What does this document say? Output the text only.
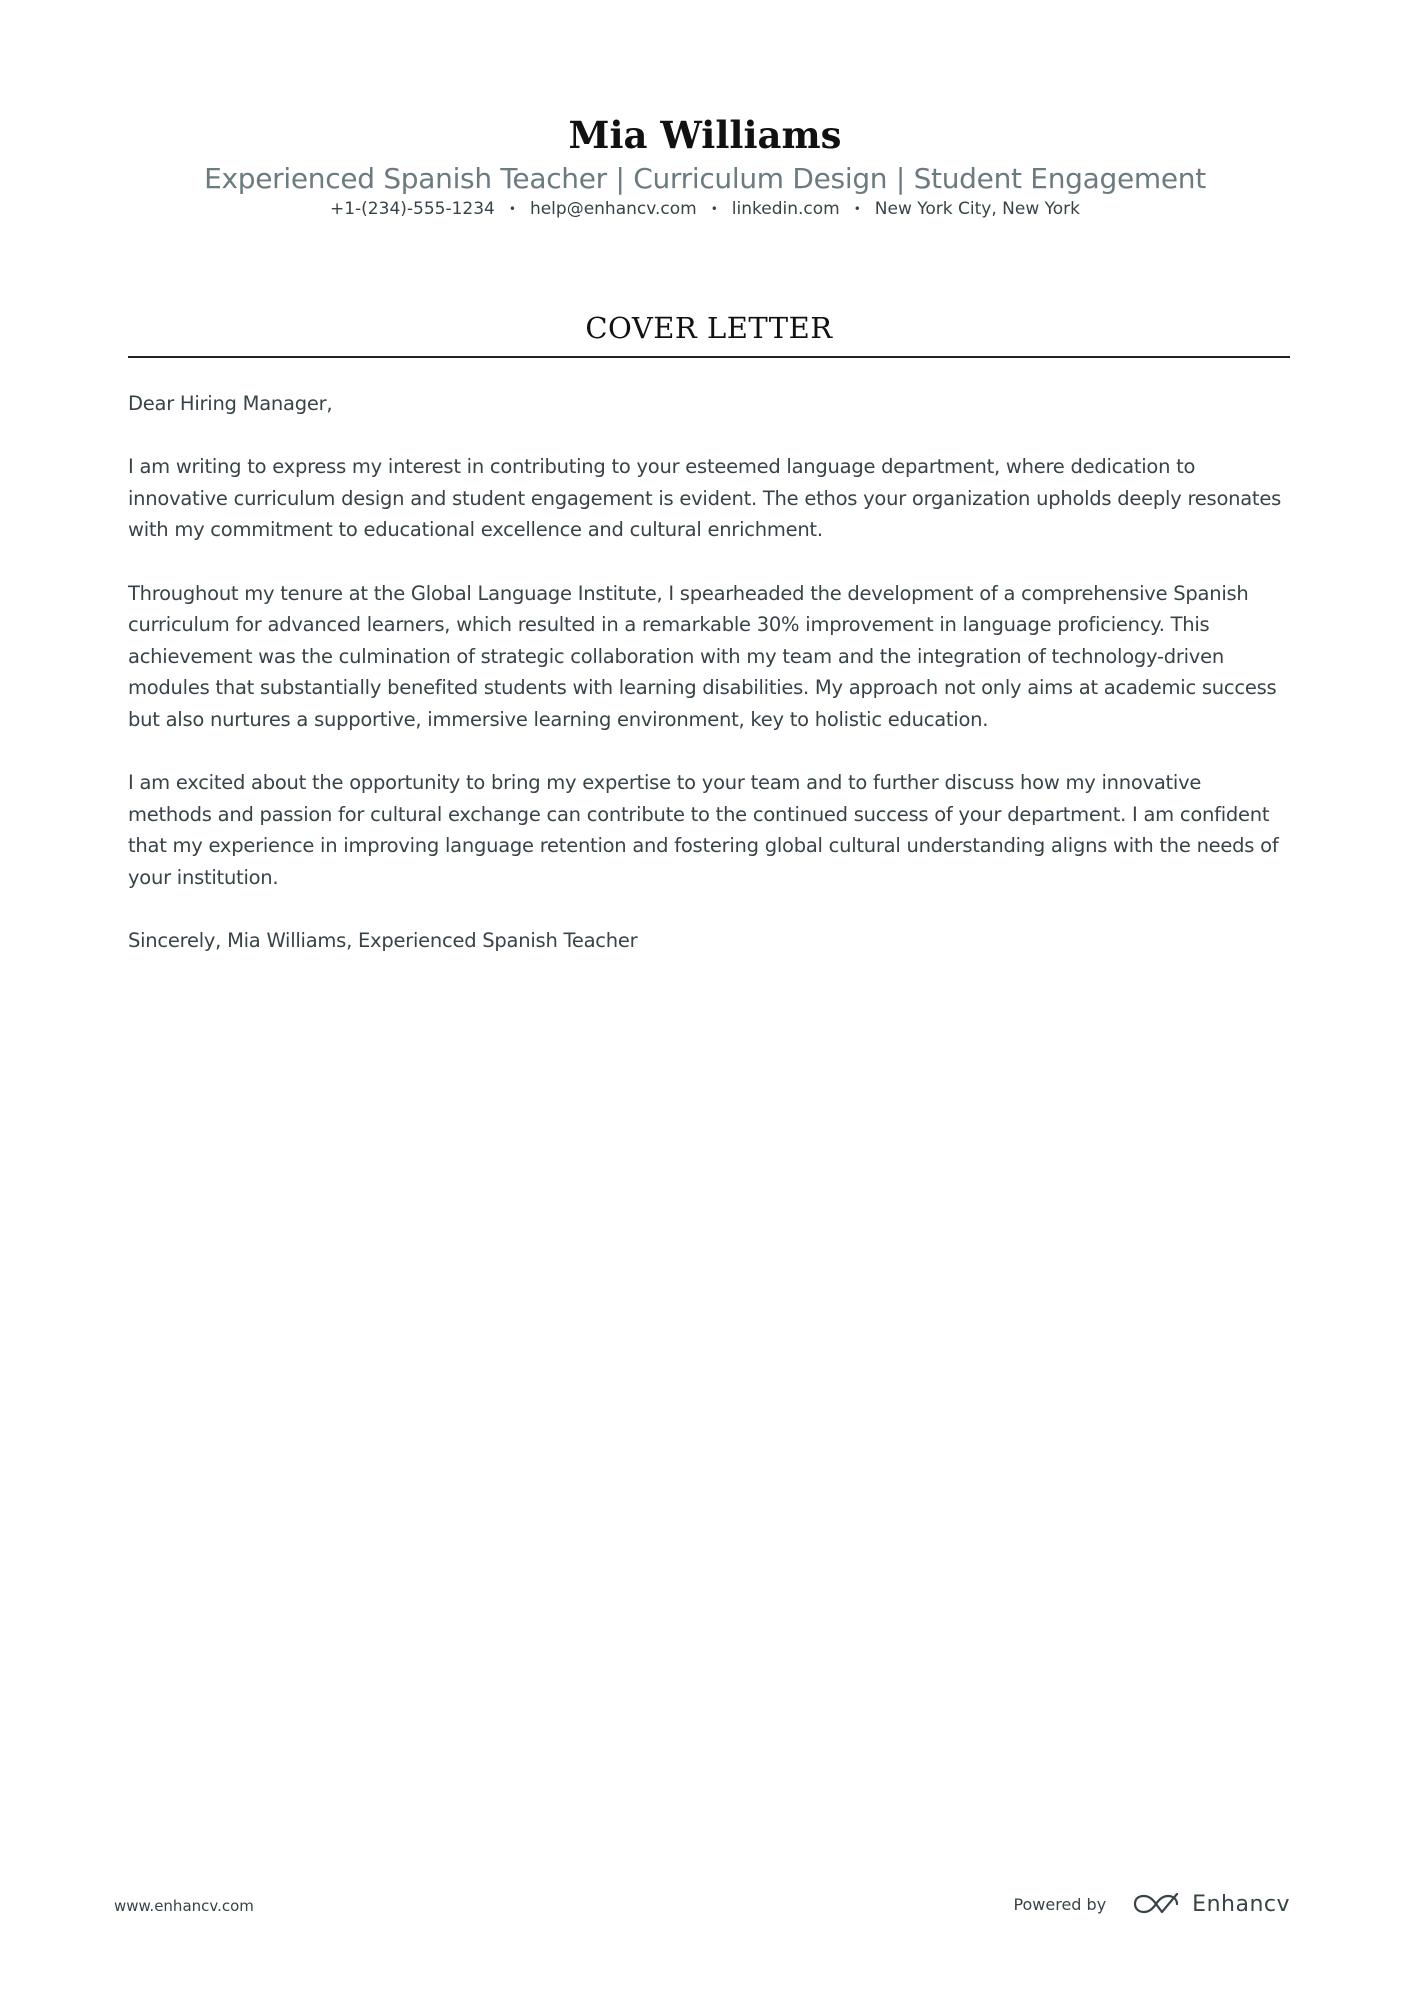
Mia Williams
Experienced Spanish Teacher | Curriculum Design | Student Engagement
+1-(234)-555-1234 • help@enhancv.com • linkedin.com • New York City, New York
COVER LETTER

Dear Hiring Manager,

I am writing to express my interest in contributing to your esteemed language department, where dedication to innovative curriculum design and student engagement is evident. The ethos your organization upholds deeply resonates with my commitment to educational excellence and cultural enrichment.

Throughout my tenure at the Global Language Institute, I spearheaded the development of a comprehensive Spanish curriculum for advanced learners, which resulted in a remarkable 30% improvement in language proficiency. This achievement was the culmination of strategic collaboration with my team and the integration of technology-driven modules that substantially benefited students with learning disabilities. My approach not only aims at academic success but also nurtures a supportive, immersive learning environment, key to holistic education.

I am excited about the opportunity to bring my expertise to your team and to further discuss how my innovative methods and passion for cultural exchange can contribute to the continued success of your department. I am confident that my experience in improving language retention and fostering global cultural understanding aligns with the needs of your institution.

Sincerely, Mia Williams, Experienced Spanish Teacher

www.enhancv.com	Powered by	Enhancv
